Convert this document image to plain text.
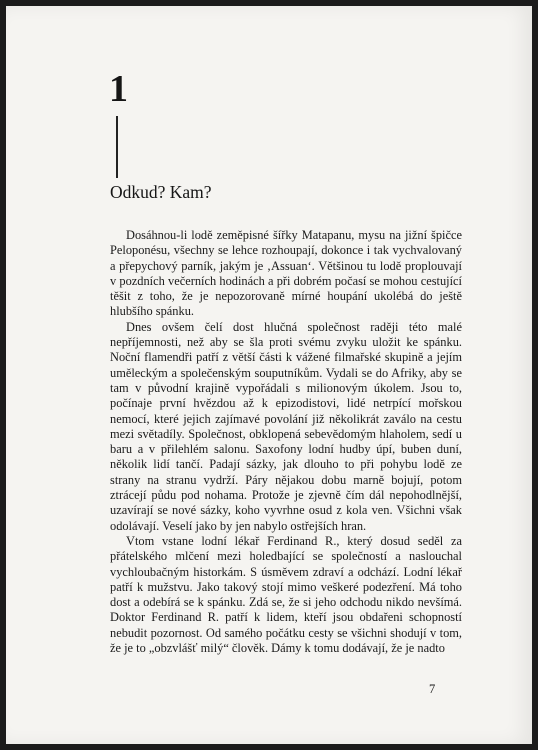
1
Odkud? Kam?

Dosáhnou-li lodě zeměpisné šířky Matapanu, mysu na jižní špičce Peloponésu, všechny se lehce rozhoupají, dokonce i tak vychvalovaný a přepychový parník, jakým je ‚Assuan‘. Většinou tu lodě proplouvají v pozdních večerních hodinách a při dobrém počasí se mohou cestující těšit z toho, že je nepozorovaně mírné houpání ukolébá do ještě hlubšího spánku.

Dnes ovšem čelí dost hlučná společnost raději této malé nepříjemnosti, než aby se šla proti svému zvyku uložit ke spánku. Noční flamendři patří z větší části k vážené filmařské skupině a jejím uměleckým a společenským souputníkům. Vydali se do Afriky, aby se tam v původní krajině vypořádali s milionovým úkolem. Jsou to, počínaje první hvězdou až k epizodistovi, lidé netrpící mořskou nemocí, které jejich zajímavé povolání již několikrát zaválo na cestu mezi světadíly. Společnost, obklopená sebevědomým hlaholem, sedí u baru a v přilehlém salonu. Saxofony lodní hudby úpí, buben duní, několik lidí tančí. Padají sázky, jak dlouho to při pohybu lodě ze strany na stranu vydrží. Páry nějakou dobu marně bojují, potom ztrácejí půdu pod nohama. Protože je zjevně čím dál nepohodlnější, uzavírají se nové sázky, koho vyvrhne osud z kola ven. Všichni však odolávají. Veselí jako by jen nabylo ostřejších hran.

Vtom vstane lodní lékař Ferdinand R., který dosud seděl za přátelského mlčení mezi holedbající se společností a naslouchal vychloubačným historkám. S úsměvem zdraví a odchází. Lodní lékař patří k mužstvu. Jako takový stojí mimo veškeré podezření. Má toho dost a odebírá se k spánku. Zdá se, že si jeho odchodu nikdo nevšímá. Doktor Ferdinand R. patří k lidem, kteří jsou obdařeni schopností nebudit pozornost. Od samého počátku cesty se všichni shodují v tom, že je to „obzvlášť milý“ člověk. Dámy k tomu dodávají, že je nadto

7
